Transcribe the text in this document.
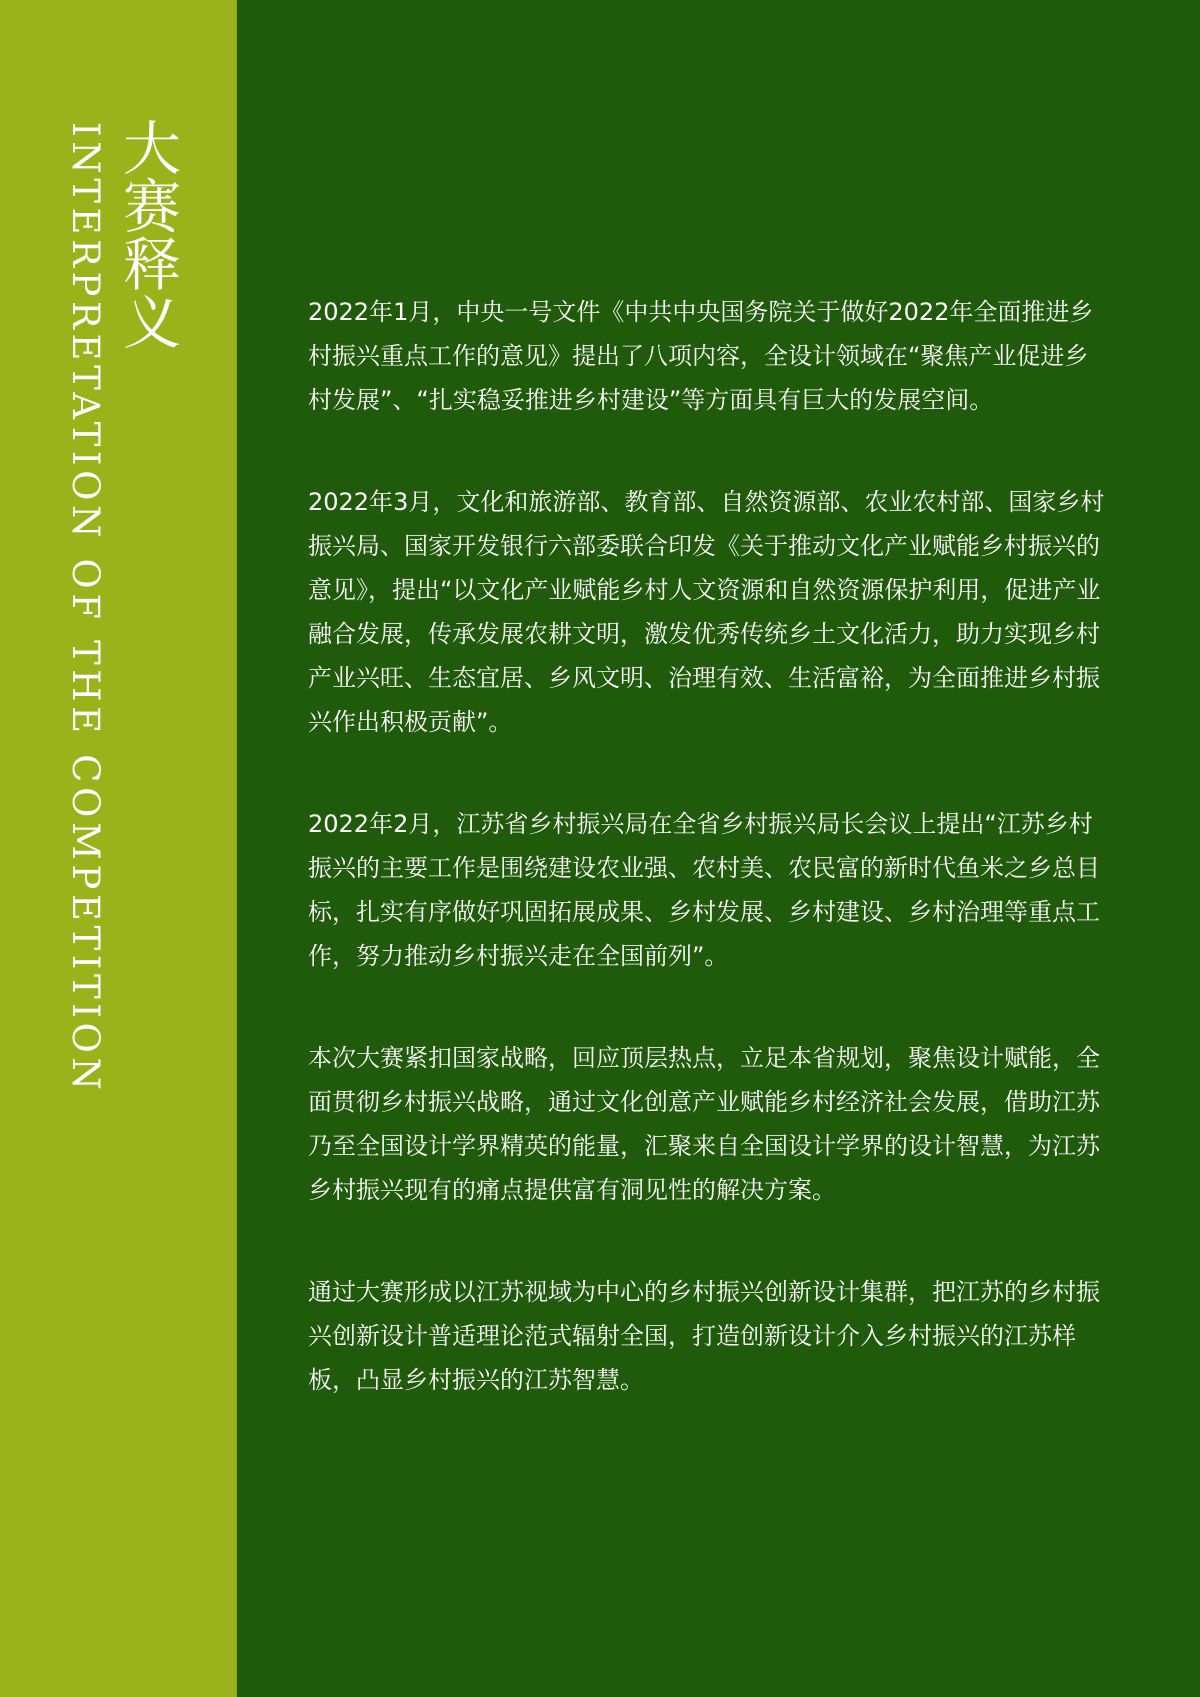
大赛释义
INTERPRETATION OF THE COMPETITION	2022年1月，中央一号文件《中共中央国务院关于做好2022年全面推进乡村振兴重点工作的意见》提出了八项内容，全设计领域在“聚焦产业促进乡村发展”、“扎实稳妥推进乡村建设”等方面具有巨大的发展空间。

2022年3月，文化和旅游部、教育部、自然资源部、农业农村部、国家乡村振兴局、国家开发银行六部委联合印发《关于推动文化产业赋能乡村振兴的意见》，提出“以文化产业赋能乡村人文资源和自然资源保护利用，促进产业融合发展，传承发展农耕文明，激发优秀传统乡土文化活力，助力实现乡村产业兴旺、生态宜居、乡风文明、治理有效、生活富裕，为全面推进乡村振兴作出积极贡献”。

2022年2月，江苏省乡村振兴局在全省乡村振兴局长会议上提出“江苏乡村振兴的主要工作是围绕建设农业强、农村美、农民富的新时代鱼米之乡总目标，扎实有序做好巩固拓展成果、乡村发展、乡村建设、乡村治理等重点工作，努力推动乡村振兴走在全国前列”。

本次大赛紧扣国家战略，回应顶层热点，立足本省规划，聚焦设计赋能，全面贯彻乡村振兴战略，通过文化创意产业赋能乡村经济社会发展，借助江苏乃至全国设计学界精英的能量，汇聚来自全国设计学界的设计智慧，为江苏乡村振兴现有的痛点提供富有洞见性的解决方案。

通过大赛形成以江苏视域为中心的乡村振兴创新设计集群，把江苏的乡村振兴创新设计普适理论范式辐射全国，打造创新设计介入乡村振兴的江苏样板，凸显乡村振兴的江苏智慧。
